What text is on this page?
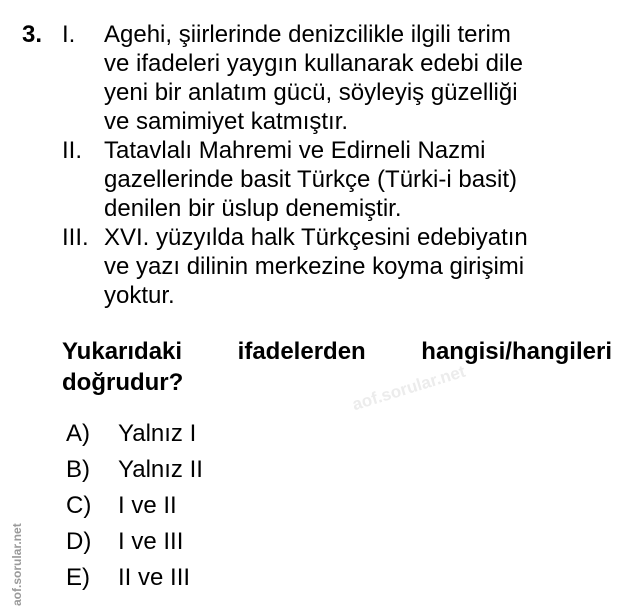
3. I.	Agehi, şiirlerinde denizcilikle ilgili terim
ve ifadeleri yaygın kullanarak edebi dile
yeni bir anlatım gücü, söyleyiş güzelliği
ve samimiyet katmıştır.
II. Tatavlalı Mahremi ve Edirneli Nazmi
gazellerinde basit Türkçe (Türki-i basit)
denilen bir üslup denemiştir.
III. XVI. yüzyılda halk Türkçesini edebiyatın
ve yazı dilinin merkezine koyma girişimi
yoktur.
Yukarıdaki ifadelerden hangisi/hangileri
doğrudur?
A)	Yalnız I
B)	Yalnız II
C)	I ve II
D)	I ve III
E)	II ve III
aof.sorular.net
aof.sorular.net
